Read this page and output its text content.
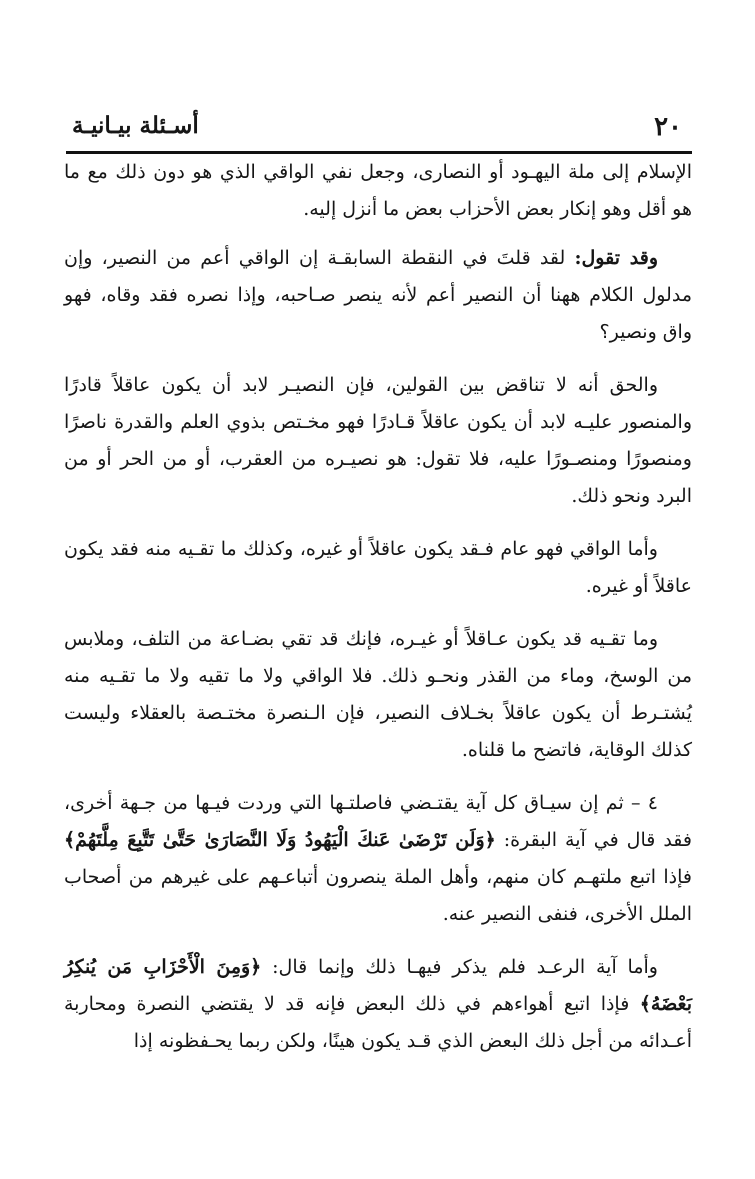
٢٠
أسـئلة بيـانيـة

الإسلام إلى ملة اليهـود أو النصارى، وجعل نفي الواقي الذي هو دون ذلك مع ما هو أقل وهو إنكار بعض الأحزاب بعض ما أنزل إليه.

وقد تقول: لقد قلتَ في النقطة السابقـة إن الواقي أعم من النصير، وإن مدلول الكلام ههنا أن النصير أعم لأنه ينصر صـاحبه، وإذا نصره فقد وقاه، فهو واق ونصير؟

والحق أنه لا تناقض بين القولين، فإن النصيـر لابد أن يكون عاقلاً قادرًا والمنصور عليـه لابد أن يكون عاقلاً قـادرًا فهو مخـتص بذوي العلم والقدرة ناصرًا ومنصورًا ومنصـورًا عليه، فلا تقول: هو نصيـره من العقرب، أو من الحر أو من البرد ونحو ذلك.

وأما الواقي فهو عام فـقد يكون عاقلاً أو غيره، وكذلك ما تقـيه منه فقد يكون عاقلاً أو غيره.

وما تقـيه قد يكون عـاقلاً أو غيـره، فإنك قد تقي بضـاعة من التلف، وملابس من الوسخ، وماء من القذر ونحـو ذلك. فلا الواقي ولا ما تقيه ولا ما تقـيه منه يُشتـرط أن يكون عاقلاً بخـلاف النصير، فإن الـنصرة مختـصة بالعقلاء وليست كذلك الوقاية، فاتضح ما قلناه.

٤ – ثم إن سيـاق كل آية يقتـضي فاصلتـها التي وردت فيـها من جـهة أخرى، فقد قال في آية البقرة: ﴿وَلَن تَرْضَىٰ عَنكَ الْيَهُودُ وَلَا النَّصَارَىٰ حَتَّىٰ تَتَّبِعَ مِلَّتَهُمْ﴾ فإذا اتبع ملتهـم كان منهم، وأهل الملة ينصرون أتباعـهم على غيرهم من أصحاب الملل الأخرى، فنفى النصير عنه.

وأما آية الرعـد فلم يذكر فيهـا ذلك وإنما قال: ﴿وَمِنَ الْأَحْزَابِ مَن يُنكِرُ بَعْضَهُ﴾ فإذا اتبع أهواءهم في ذلك البعض فإنه قد لا يقتضي النصرة ومحاربة أعـدائه من أجل ذلك البعض الذي قـد يكون هينًا، ولكن ربما يحـفظونه إذا
